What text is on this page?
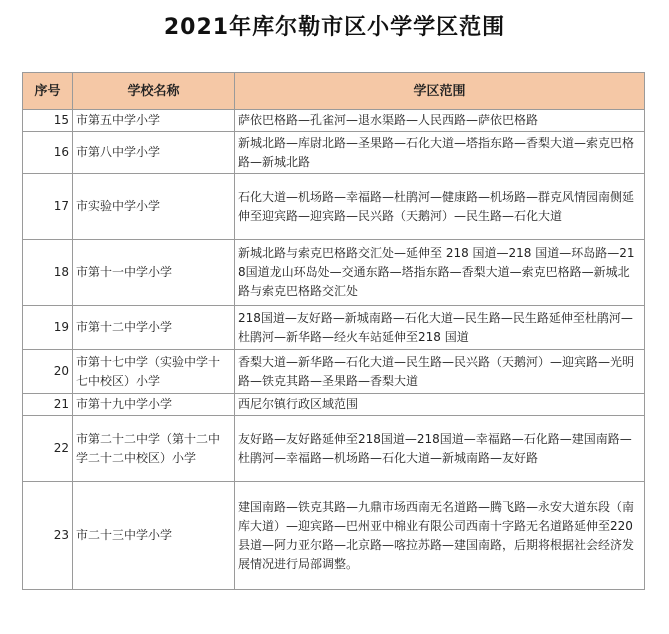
2021年库尔勒市区小学学区范围
序号	学校名称	学区范围
15	市第五中学小学	萨依巴格路—孔雀河—退水渠路—人民西路—萨依巴格路
16	市第八中学小学	新城北路—库尉北路—圣果路—石化大道—塔指东路—香梨大道—索克巴格路—新城北路
17	市实验中学小学	石化大道—机场路—幸福路—杜鹃河—健康路—机场路—群克风情园南侧延伸至迎宾路—迎宾路—民兴路（天鹅河）—民生路—石化大道
18	市第十一中学小学	新城北路与索克巴格路交汇处—延伸至 218 国道—218 国道—环岛路—218国道龙山环岛处—交通东路—塔指东路—香梨大道—索克巴格路—新城北路与索克巴格路交汇处
19	市第十二中学小学	218国道—友好路—新城南路—石化大道—民生路—民生路延伸至杜鹃河—杜鹃河—新华路—经火车站延伸至218 国道
20	市第十七中学（实验中学十七中校区）小学	香梨大道—新华路—石化大道—民生路—民兴路（天鹅河）—迎宾路—光明路—铁克其路—圣果路—香梨大道
21	市第十九中学小学	西尼尔镇行政区域范围
22	市第二十二中学（第十二中学二十二中校区）小学	友好路—友好路延伸至218国道—218国道—幸福路—石化路—建国南路—杜鹃河—幸福路—机场路—石化大道—新城南路—友好路
23	市二十三中学小学	建国南路—铁克其路—九鼎市场西南无名道路—腾飞路—永安大道东段（南库大道）—迎宾路—巴州亚中棉业有限公司西南十字路无名道路延伸至220县道—阿力亚尔路—北京路—喀拉苏路—建国南路，后期将根据社会经济发展情况进行局部调整。
